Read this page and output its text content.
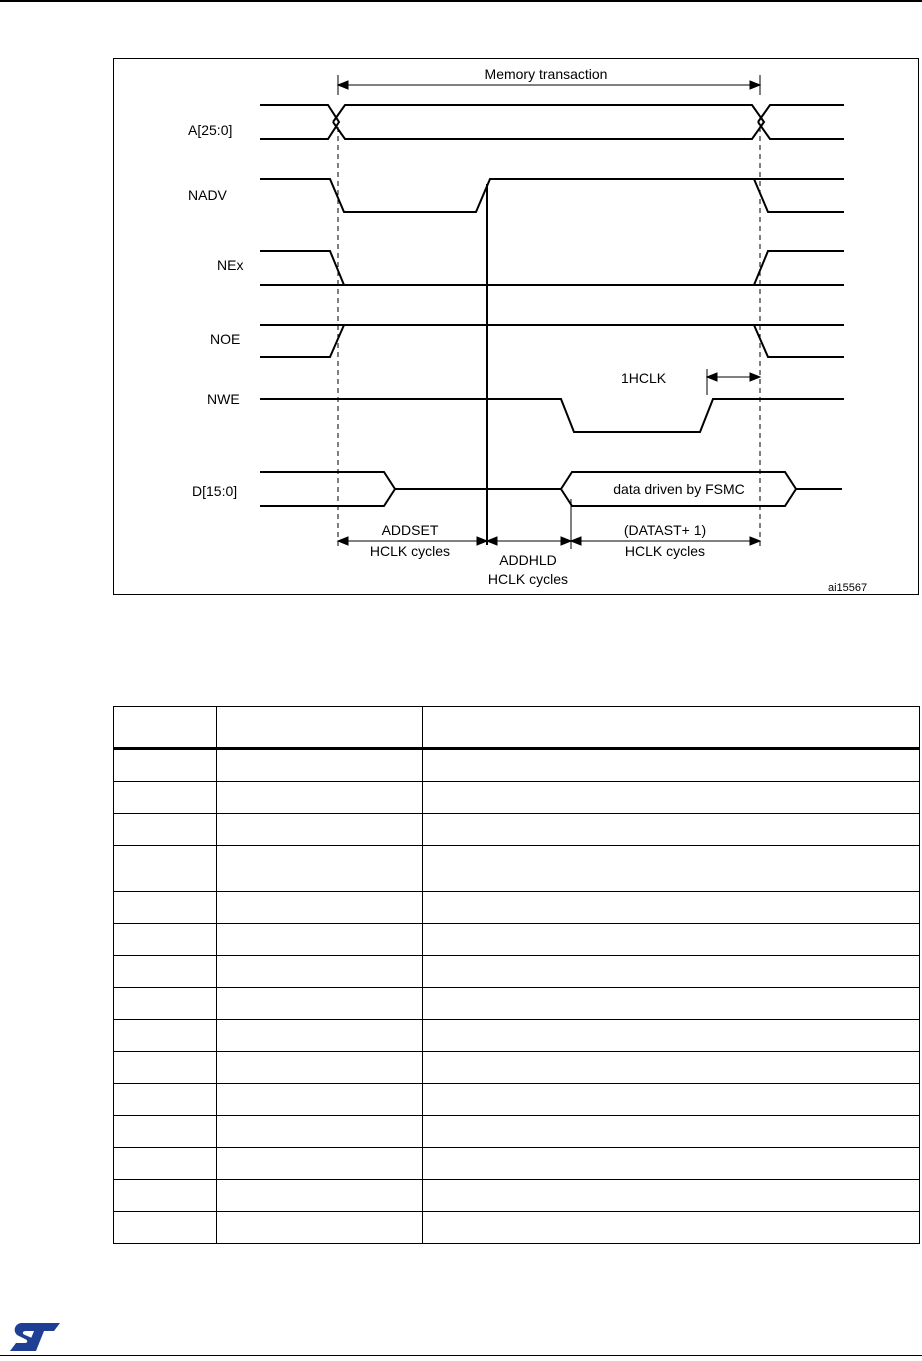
A[25:0]
NADV
NEx
NOE
NWE
D[15:0]
Memory transaction
1HCLK
data driven by FSMC
ADDSET
HCLK cycles
ADDHLD
HCLK cycles
(DATAST+ 1)
HCLK cycles
ai15567
